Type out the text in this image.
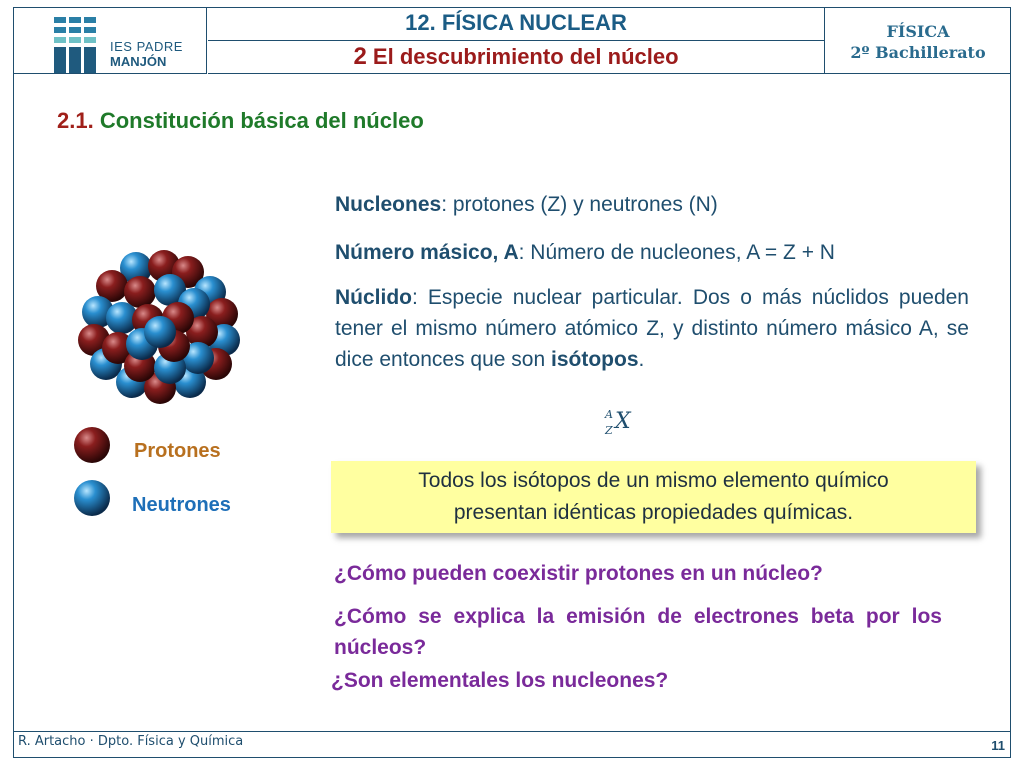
IES PADRE
MANJÓN
12. FÍSICA NUCLEAR
2 El descubrimiento del núcleo
FÍSICA
2º Bachillerato
2.1. Constitución básica del núcleo
Protones
Neutrones
Nucleones: protones (Z) y neutrones (N)
Número másico, A: Número de nucleones, A = Z + N
Núclido: Especie nuclear particular. Dos o más núclidos pueden tener el mismo número atómico Z, y distinto número másico A, se dice entonces que son isótopos.
A
Z X
Todos los isótopos de un mismo elemento químico
presentan idénticas propiedades químicas.
¿Cómo pueden coexistir protones en un núcleo?
¿Cómo se explica la emisión de electrones beta por los núcleos?
¿Son elementales los nucleones?
R. Artacho · Dpto. Física y Química	11
